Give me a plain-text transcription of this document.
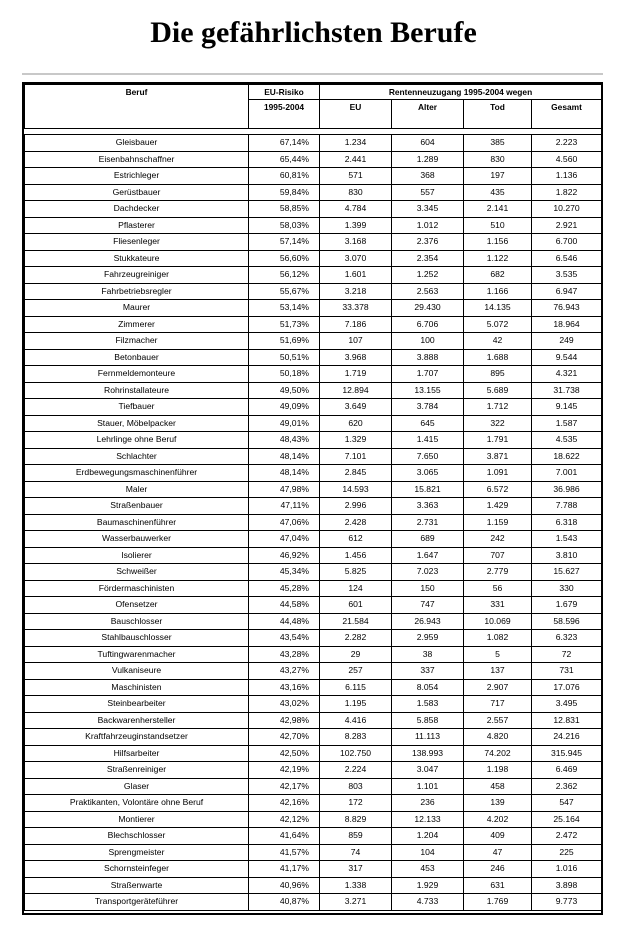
Die gefährlichsten Berufe
Beruf	EU-Risiko	Rentenneuzugang 1995-2004 wegen			
	1995-2004	EU	Alter	Tod	Gesamt

Gleisbauer	67,14%	1.234	604	385	2.223
Eisenbahnschaffner	65,44%	2.441	1.289	830	4.560
Estrichleger	60,81%	571	368	197	1.136
Gerüstbauer	59,84%	830	557	435	1.822
Dachdecker	58,85%	4.784	3.345	2.141	10.270
Pflasterer	58,03%	1.399	1.012	510	2.921
Fliesenleger	57,14%	3.168	2.376	1.156	6.700
Stukkateure	56,60%	3.070	2.354	1.122	6.546
Fahrzeugreiniger	56,12%	1.601	1.252	682	3.535
Fahrbetriebsregler	55,67%	3.218	2.563	1.166	6.947
Maurer	53,14%	33.378	29.430	14.135	76.943
Zimmerer	51,73%	7.186	6.706	5.072	18.964
Filzmacher	51,69%	107	100	42	249
Betonbauer	50,51%	3.968	3.888	1.688	9.544
Fernmeldemonteure	50,18%	1.719	1.707	895	4.321
Rohrinstallateure	49,50%	12.894	13.155	5.689	31.738
Tiefbauer	49,09%	3.649	3.784	1.712	9.145
Stauer, Möbelpacker	49,01%	620	645	322	1.587
Lehrlinge ohne Beruf	48,43%	1.329	1.415	1.791	4.535
Schlachter	48,14%	7.101	7.650	3.871	18.622
Erdbewegungsmaschinenführer	48,14%	2.845	3.065	1.091	7.001
Maler	47,98%	14.593	15.821	6.572	36.986
Straßenbauer	47,11%	2.996	3.363	1.429	7.788
Baumaschinenführer	47,06%	2.428	2.731	1.159	6.318
Wasserbauwerker	47,04%	612	689	242	1.543
Isolierer	46,92%	1.456	1.647	707	3.810
Schweißer	45,34%	5.825	7.023	2.779	15.627
Fördermaschinisten	45,28%	124	150	56	330
Ofensetzer	44,58%	601	747	331	1.679
Bauschlosser	44,48%	21.584	26.943	10.069	58.596
Stahlbauschlosser	43,54%	2.282	2.959	1.082	6.323
Tuftingwarenmacher	43,28%	29	38	5	72
Vulkaniseure	43,27%	257	337	137	731
Maschinisten	43,16%	6.115	8.054	2.907	17.076
Steinbearbeiter	43,02%	1.195	1.583	717	3.495
Backwarenhersteller	42,98%	4.416	5.858	2.557	12.831
Kraftfahrzeuginstandsetzer	42,70%	8.283	11.113	4.820	24.216
Hilfsarbeiter	42,50%	102.750	138.993	74.202	315.945
Straßenreiniger	42,19%	2.224	3.047	1.198	6.469
Glaser	42,17%	803	1.101	458	2.362
Praktikanten, Volontäre ohne Beruf	42,16%	172	236	139	547
Montierer	42,12%	8.829	12.133	4.202	25.164
Blechschlosser	41,64%	859	1.204	409	2.472
Sprengmeister	41,57%	74	104	47	225
Schornsteinfeger	41,17%	317	453	246	1.016
Straßenwarte	40,96%	1.338	1.929	631	3.898
Transportgeräteführer	40,87%	3.271	4.733	1.769	9.773
